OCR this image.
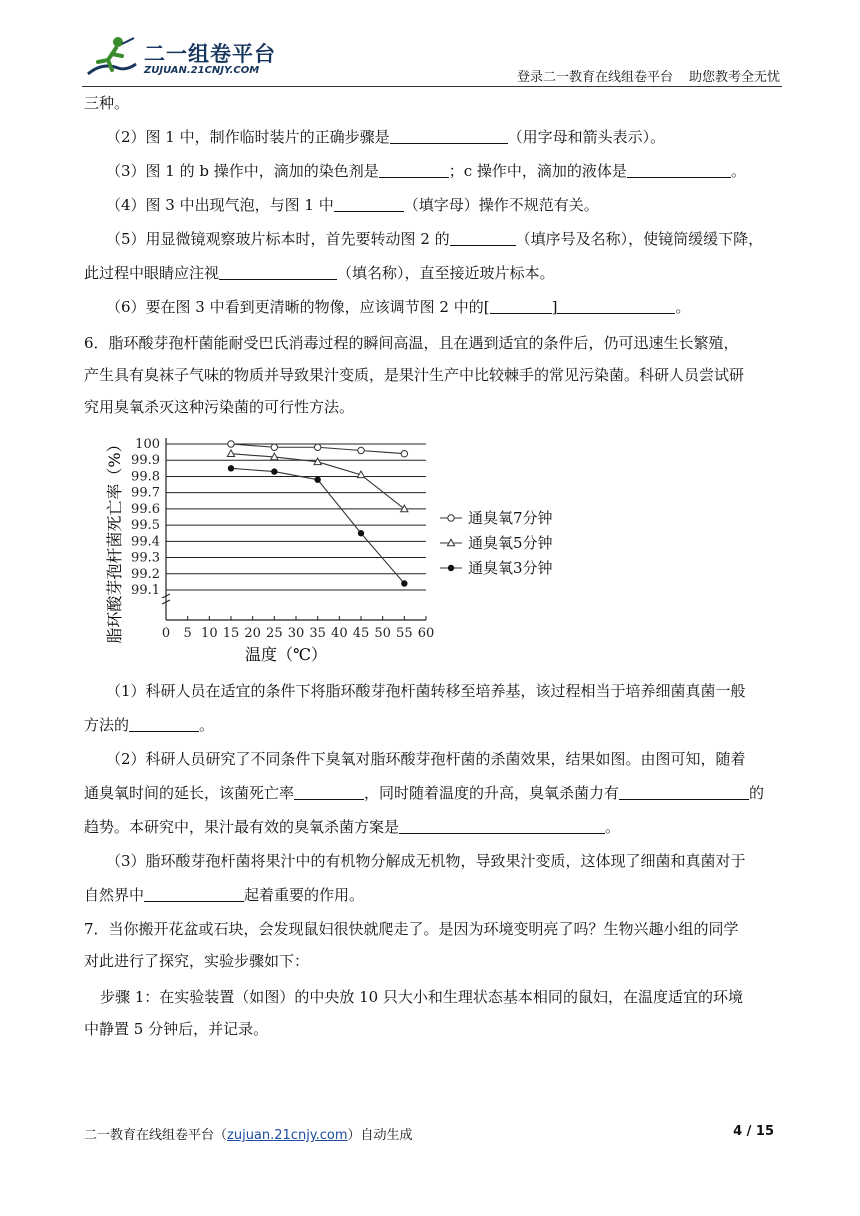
二一组卷平台
ZUJUAN.21CNJY.COM	登录二一教育在线组卷平台 助您教考全无忧
三种。
（2）图 1 中，制作临时装片的正确步骤是	（用字母和箭头表示）。
（3）图 1 的 b 操作中，滴加的染色剂是	；c 操作中，滴加的液体是	。
（4）图 3 中出现气泡，与图 1 中	（填字母）操作不规范有关。
（5）用显微镜观察玻片标本时，首先要转动图 2 的	（填序号及名称），使镜筒缓缓下降，
此过程中眼睛应注视	（填名称），直至接近玻片标本。
（6）要在图 3 中看到更清晰的物像，应该调节图 2 中的[	]	。
6．脂环酸芽孢杆菌能耐受巴氏消毒过程的瞬间高温，且在遇到适宜的条件后，仍可迅速生长繁殖，
产生具有臭袜子气味的物质并导致果汁变质，是果汁生产中比较棘手的常见污染菌。科研人员尝试研
究用臭氧杀灭这种污染菌的可行性方法。
99.1
99.2
99.3
99.4
99.5
99.6
99.7
99.8
99.9
100
0 5 10 15 20 25 30 35 40 45 50 55 60
通臭氧7分钟
通臭氧5分钟
通臭氧3分钟
脂环酸芽孢杆菌死亡率（%）
温度（℃）
（1）科研人员在适宜的条件下将脂环酸芽孢杆菌转移至培养基，该过程相当于培养细菌真菌一般
方法的	。
（2）科研人员研究了不同条件下臭氧对脂环酸芽孢杆菌的杀菌效果，结果如图。由图可知，随着
通臭氧时间的延长，该菌死亡率	，同时随着温度的升高，臭氧杀菌力有	的
趋势。本研究中，果汁最有效的臭氧杀菌方案是	。
（3）脂环酸芽孢杆菌将果汁中的有机物分解成无机物，导致果汁变质，这体现了细菌和真菌对于
自然界中	起着重要的作用。
7．当你搬开花盆或石块，会发现鼠妇很快就爬走了。是因为环境变明亮了吗？生物兴趣小组的同学
对此进行了探究，实验步骤如下：
步骤 1：在实验装置（如图）的中央放 10 只大小和生理状态基本相同的鼠妇，在温度适宜的环境
中静置 5 分钟后，并记录。
二一教育在线组卷平台（zujuan.21cnjy.com）自动生成	4 / 15
